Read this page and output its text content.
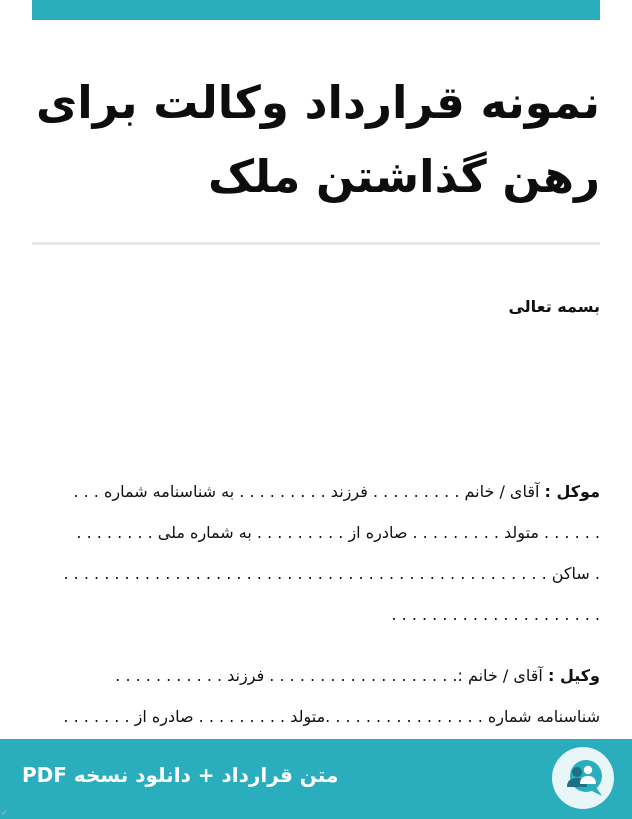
نمونه قرارداد وکالت برای
رهن گذاشتن ملک
بسمه تعالی
موکل : آقای / خانم . . . . . . . . . فرزند . . . . . . . . . به شناسنامه شماره . . .
. . . . . . متولد . . . . . . . . . صادره از . . . . . . . . . به شماره ملی . . . . . . . .
. ساکن . . . . . . . . . . . . . . . . . . . . . . . . . . . . . . . . . . . . . . . . . . . . . . . .
. . . . . . . . . . . . . . . . . . . . .
وکیل : آقای / خانم :. . . . . . . . . . . . . . . . . . . فرزند . . . . . . . . . . .
شناسنامه شماره . . . . . . . . . . . . . . . .متولد . . . . . . . . . صادره از . . . . . . .
متن قرارداد + دانلود نسخه PDF
ر
